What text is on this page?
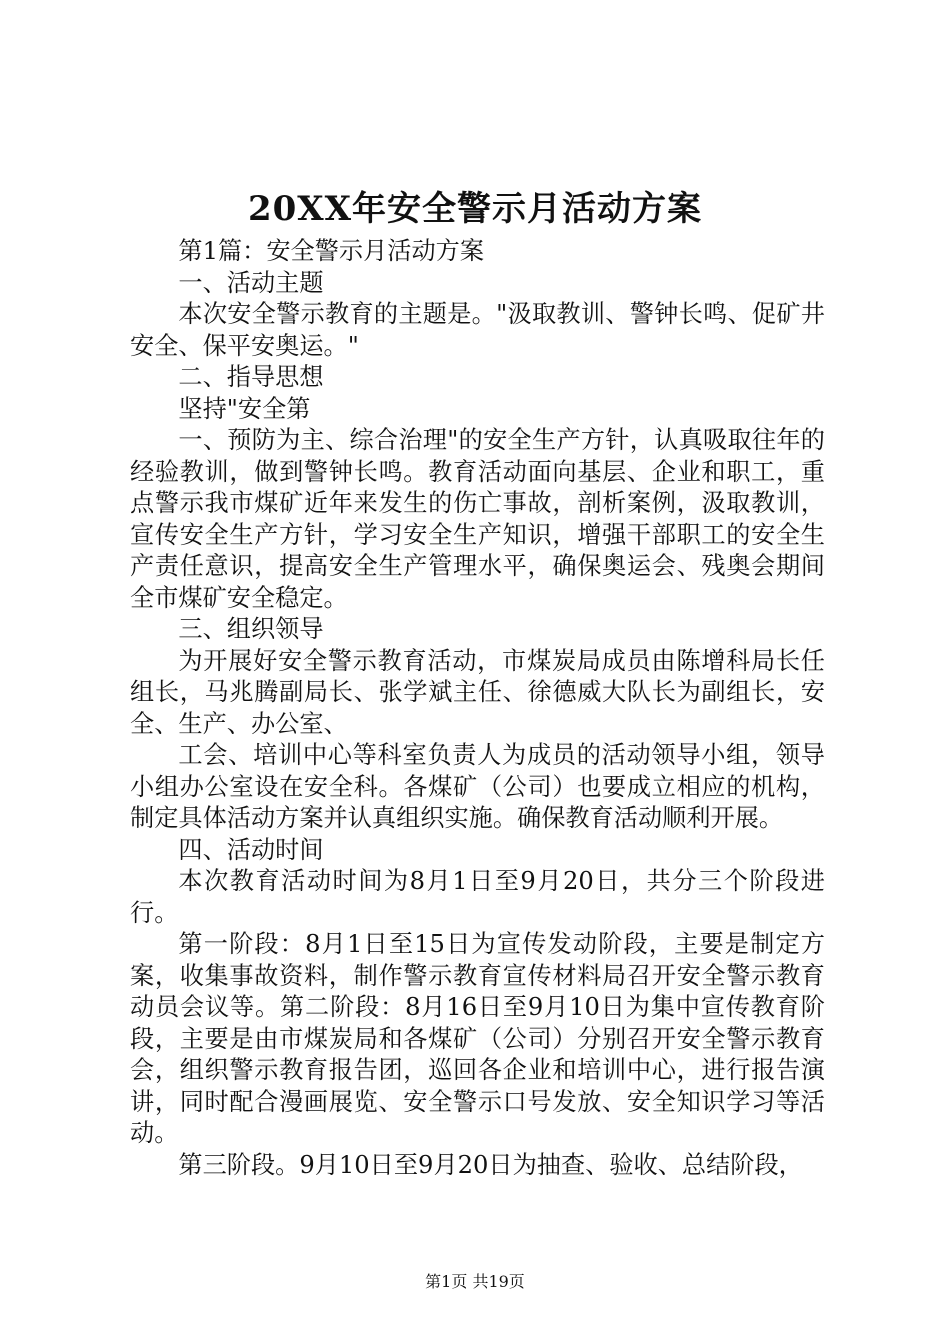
20XX年安全警示月活动方案

第1篇：安全警示月活动方案

一、活动主题

本次安全警示教育的主题是。"汲取教训、警钟长鸣、促矿井安全、保平安奥运。"

二、指导思想

坚持"安全第

一、预防为主、综合治理"的安全生产方针，认真吸取往年的经验教训，做到警钟长鸣。教育活动面向基层、企业和职工，重点警示我市煤矿近年来发生的伤亡事故，剖析案例，汲取教训，宣传安全生产方针，学习安全生产知识，增强干部职工的安全生产责任意识，提高安全生产管理水平，确保奥运会、残奥会期间全市煤矿安全稳定。

三、组织领导

为开展好安全警示教育活动，市煤炭局成员由陈增科局长任组长，马兆腾副局长、张学斌主任、徐德威大队长为副组长，安全、生产、办公室、

工会、培训中心等科室负责人为成员的活动领导小组，领导小组办公室设在安全科。各煤矿（公司）也要成立相应的机构，制定具体活动方案并认真组织实施。确保教育活动顺利开展。

四、活动时间

本次教育活动时间为8月1日至9月20日，共分三个阶段进行。

第一阶段：8月1日至15日为宣传发动阶段，主要是制定方案，收集事故资料，制作警示教育宣传材料局召开安全警示教育动员会议等。第二阶段：8月16日至9月10日为集中宣传教育阶段，主要是由市煤炭局和各煤矿（公司）分别召开安全警示教育会，组织警示教育报告团，巡回各企业和培训中心，进行报告演讲，同时配合漫画展览、安全警示口号发放、安全知识学习等活动。

第三阶段。9月10日至9月20日为抽查、验收、总结阶段，

第1页 共19页
